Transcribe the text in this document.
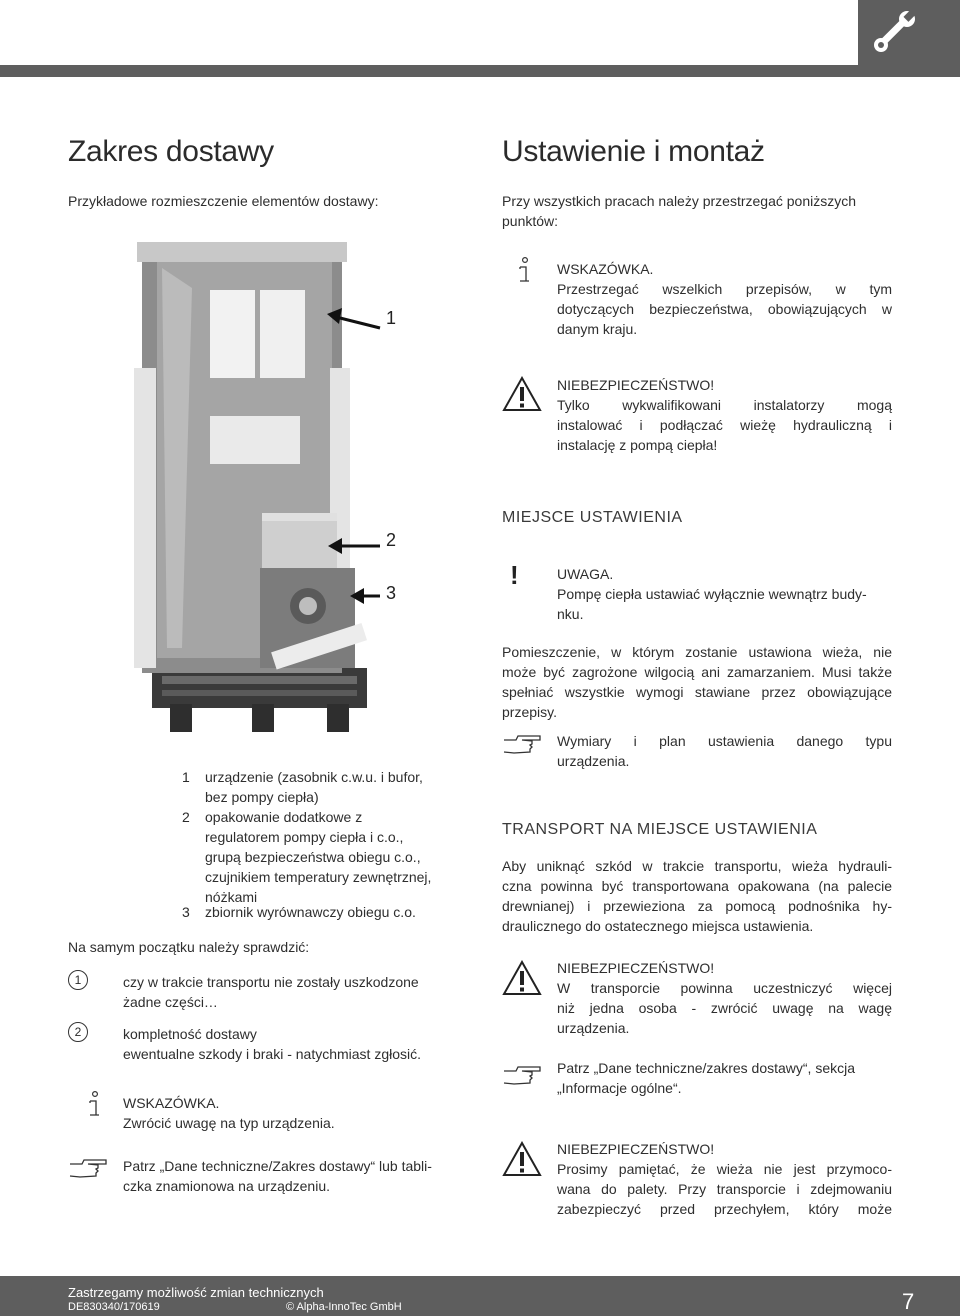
Zakres dostawy
Przykładowe rozmieszczenie elementów dostawy:
1
2
3
1 urządzenie (zasobnik c.w.u. i bufor,
bez pompy ciepła)
2 opakowanie dodatkowe z
regulatorem pompy ciepła i c.o.,
grupą bezpieczeństwa obiegu c.o.,
czujnikiem temperatury zewnętrznej,
nóżkami
3 zbiornik wyrównawczy obiegu c.o.
Na samym początku należy sprawdzić:
1	czy w trakcie transportu nie zostały uszkodzone
żadne części…
2	kompletność dostawy
ewentualne szkody i braki - natychmiast zgłosić.
WSKAZÓWKA.
Zwrócić uwagę na typ urządzenia.
Patrz „Dane techniczne/Zakres dostawy“ lub tabli-
czka znamionowa na urządzeniu.
Ustawienie i montaż
Przy wszystkich pracach należy przestrzegać poniższych
punktów:
WSKAZÓWKA.
Przestrzegać wszelkich przepisów, w tym
dotyczących bezpieczeństwa, obowiązujących w
danym kraju.
NIEBEZPIECZEŃSTWO!
Tylko wykwalifikowani instalatorzy mogą
instalować i podłączać wieżę hydrauliczną i
instalację z pompą ciepła!
MIEJSCE USTAWIENIA
!	UWAGA.
Pompę ciepła ustawiać wyłącznie wewnątrz budy-
nku.
Pomieszczenie, w którym zostanie ustawiona wieża, nie
może być zagrożone wilgocią ani zamarzaniem. Musi także
spełniać wszystkie wymogi stawiane przez obowiązujące
przepisy.
Wymiary i plan ustawienia danego typu
urządzenia.
TRANSPORT NA MIEJSCE USTAWIENIA
Aby uniknąć szkód w trakcie transportu, wieża hydrauli-
czna powinna być transportowana opakowana (na palecie
drewnianej) i przewieziona za pomocą podnośnika hy-
draulicznego do ostatecznego miejsca ustawienia.
NIEBEZPIECZEŃSTWO!
W transporcie powinna uczestniczyć więcej
niż jedna osoba - zwrócić uwagę na wagę
urządzenia.
Patrz „Dane techniczne/zakres dostawy“, sekcja
„Informacje ogólne“.
NIEBEZPIECZEŃSTWO!
Prosimy pamiętać, że wieża nie jest przymoco-
wana do palety. Przy transporcie i zdejmowaniu
zabezpieczyć przed przechyłem, który może
Zastrzegamy możliwość zmian technicznych
DE830340/170619	© Alpha-InnoTec GmbH	7
